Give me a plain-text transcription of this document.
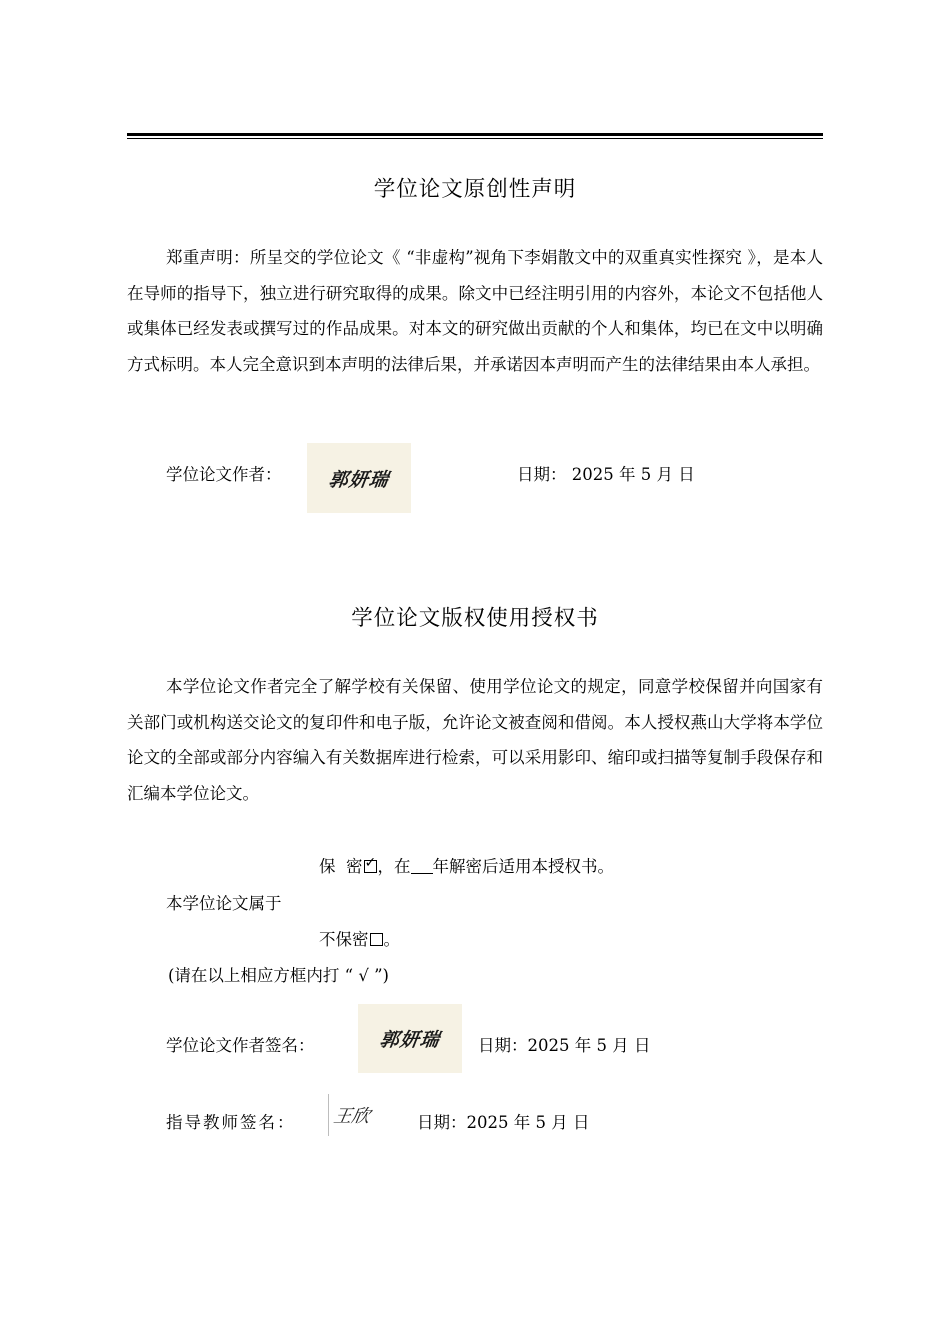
学位论文原创性声明

郑重声明：所呈交的学位论文《 “非虚构”视角下李娟散文中的双重真实性探究 》，是本人在导师的指导下，独立进行研究取得的成果。除文中已经注明引用的内容外，本论文不包括他人或集体已经发表或撰写过的作品成果。对本文的研究做出贡献的个人和集体，均已在文中以明确方式标明。本人完全意识到本声明的法律后果，并承诺因本声明而产生的法律结果由本人承担。

学位论文作者： 郭妍瑞	日期： 2025 年 5 月 日
学位论文版权使用授权书

本学位论文作者完全了解学校有关保留、使用学位论文的规定，同意学校保留并向国家有关部门或机构送交论文的复印件和电子版，允许论文被查阅和借阅。本人授权燕山大学将本学位论文的全部或部分内容编入有关数据库进行检索，可以采用影印、缩印或扫描等复制手段保存和汇编本学位论文。

保  密 ✓ ，在 年解密后适用本授权书。
本学位论文属于
不保密 。
(请在以上相应方框内打 “ √ ”)
学位论文作者签名：	郭妍瑞 日期：2025 年 5 月 日
指导教师签名： 王欣	日期：2025 年 5 月 日
